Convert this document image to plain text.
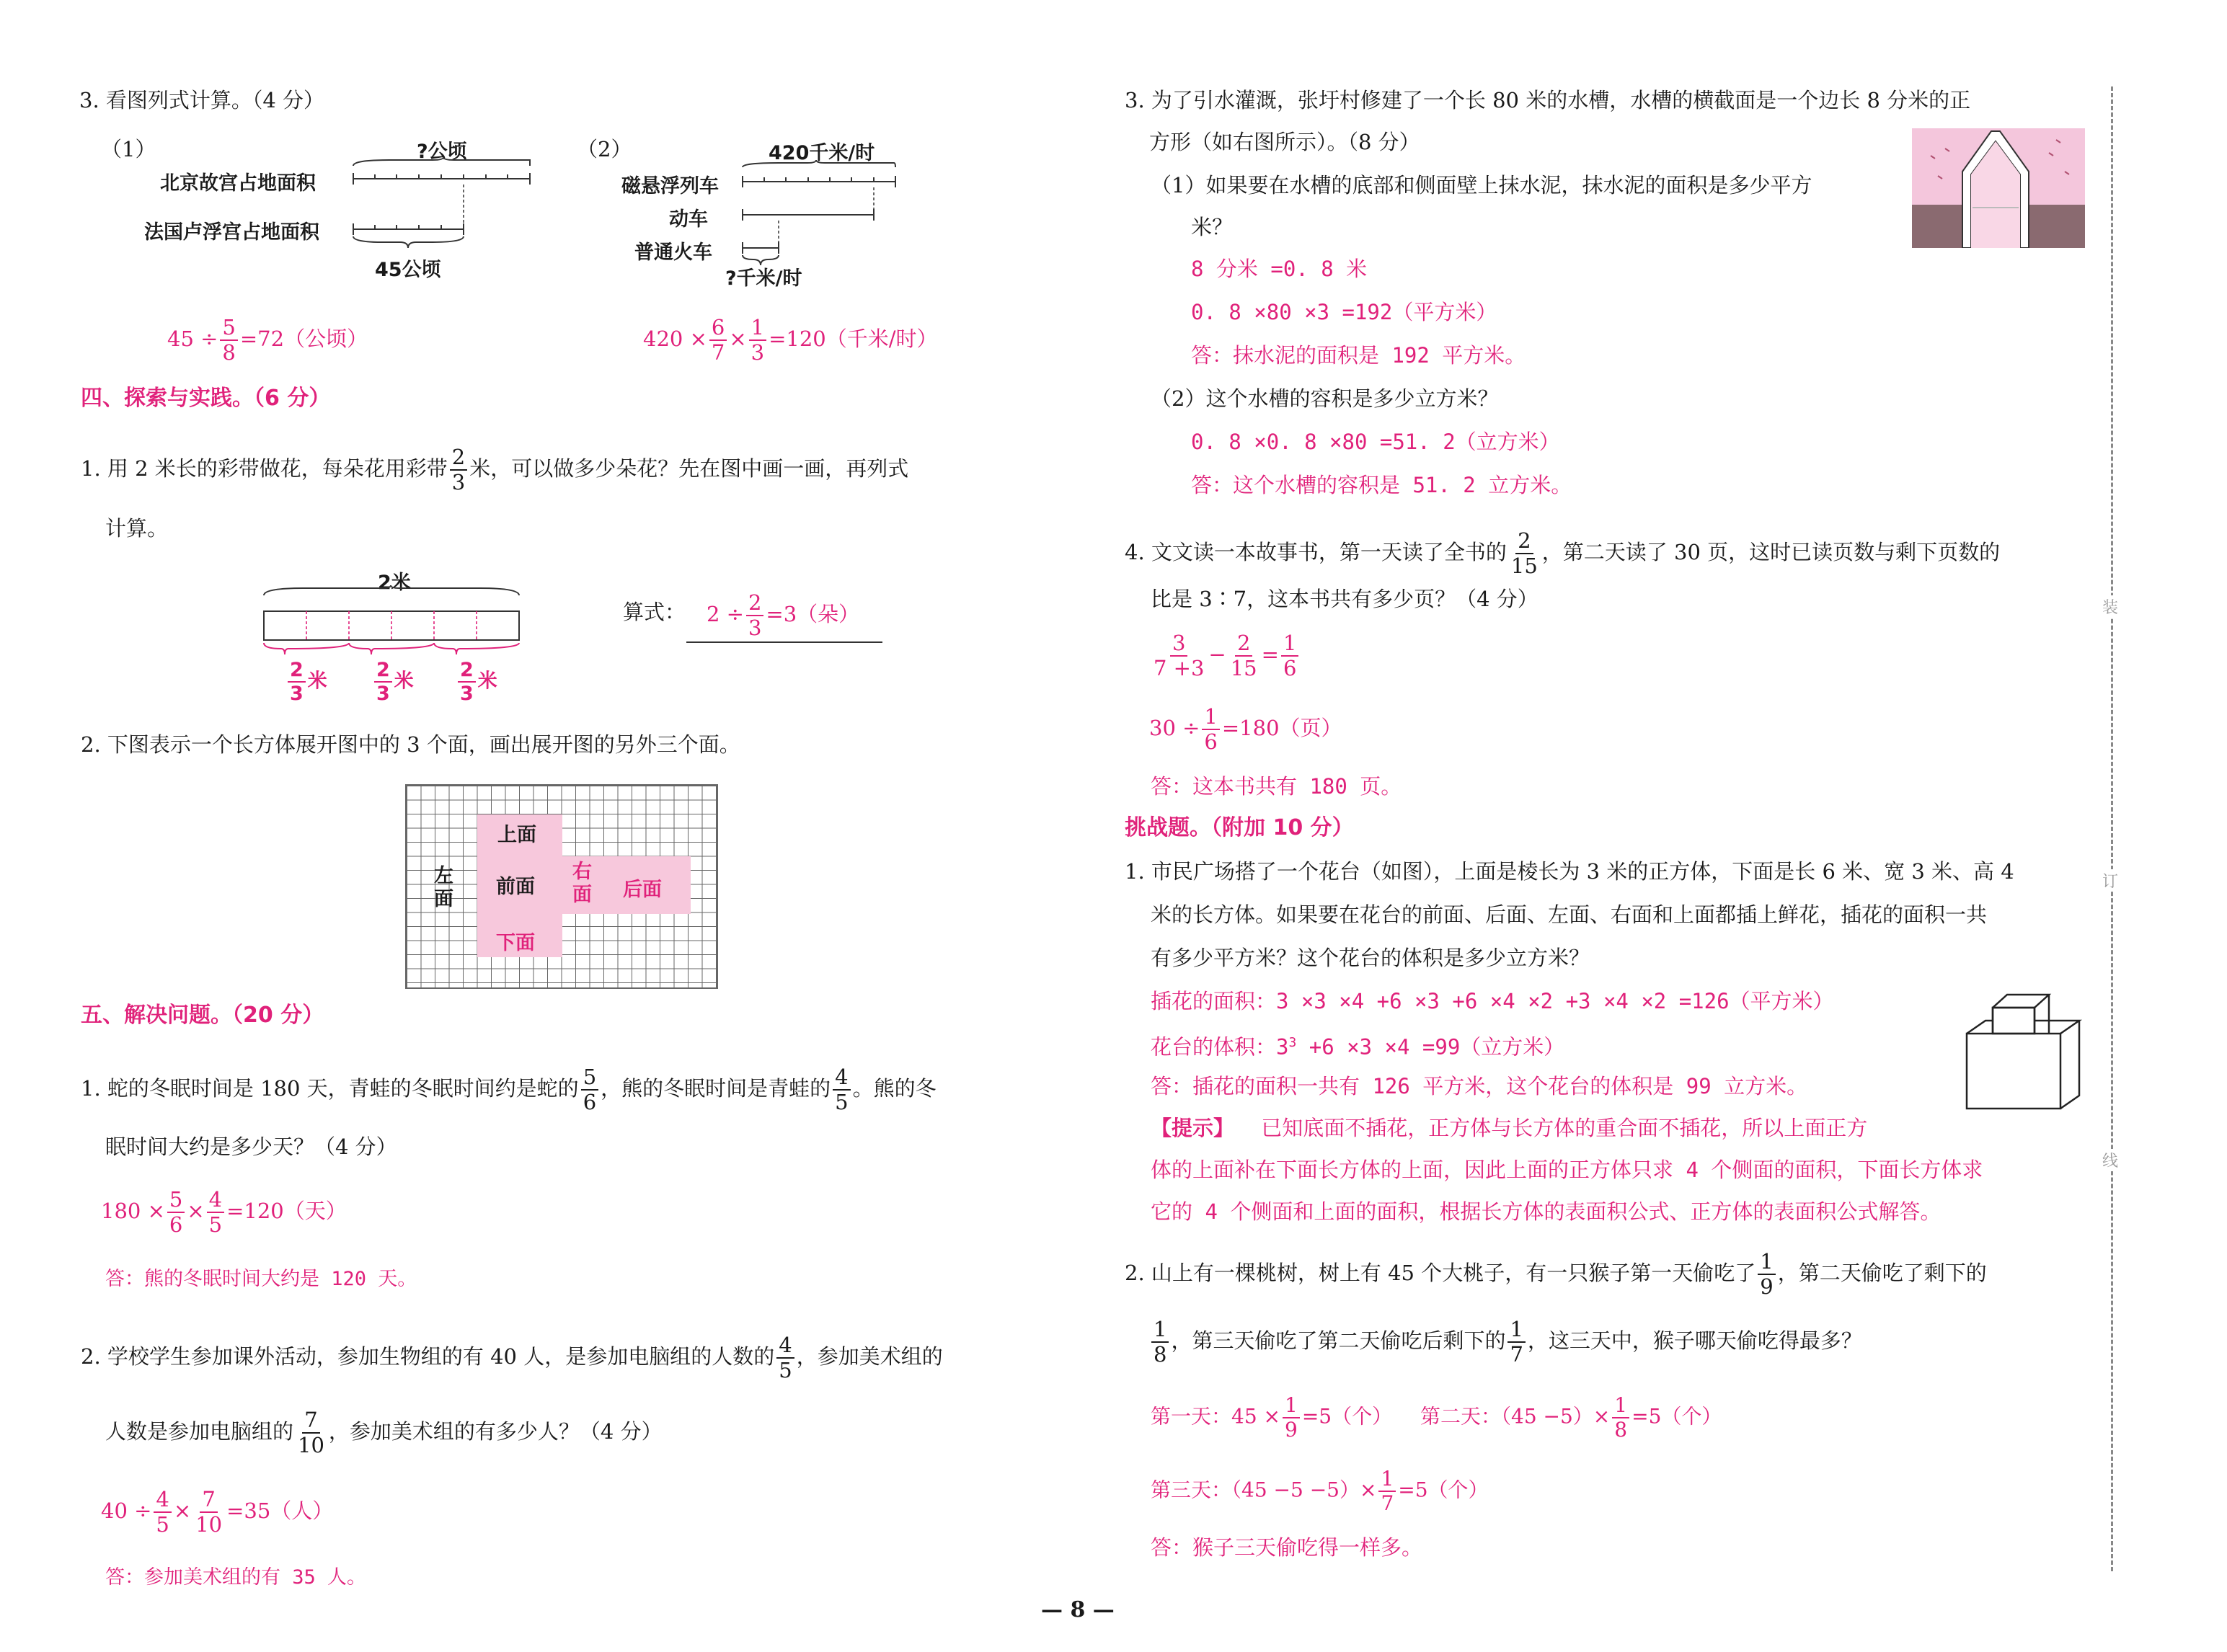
3. 看图列式计算。（4 分）
（1）	?公顷
北京故宫占地面积
法国卢浮宫占地面积
45公顷
$45 \div \frac{5}{8} =72$（公顷）
（2）	420千米/时
磁悬浮列车
动车
普通火车
?千米/时
$420 \times \frac{6}{7} \times \frac{1}{3} =120$（千米/时）
四、探索与实践。（6 分）
1. 用 2 米长的彩带做花，每朵花用彩带 $\frac{2}{3}$ 米，可以做多少朵花？先在图中画一画，再列式
计算。
2米
$\frac{2}{3}$ 米 $\frac{2}{3}$ 米 $\frac{2}{3}$ 米
算式： $2 \div \frac{2}{3} =3$（朵）
2. 下图表示一个长方体展开图中的 3 个面，画出展开图的另外三个面。
上面
左面
前面
右面 后面
下面
五、解决问题。（20 分）
1. 蛇的冬眠时间是 180 天，青蛙的冬眠时间约是蛇的 $\frac{5}{6}$ ，熊的冬眠时间是青蛙的 $\frac{4}{5}$ 。熊的冬
眠时间大约是多少天？（4 分）
$180 \times \frac{5}{6} \times \frac{4}{5} =120$（天）
答：熊的冬眠时间大约是 120 天。
2. 学校学生参加课外活动，参加生物组的有 40 人，是参加电脑组的人数的 $\frac{4}{5}$ ，参加美术组的
人数是参加电脑组的 $\frac{7}{10}$ ，参加美术组的有多少人？（4 分）
$40 \div \frac{4}{5} \times \frac{7}{10} =35$（人）
答：参加美术组的有 35 人。
3. 为了引水灌溉，张圩村修建了一个长 80 米的水槽，水槽的横截面是一个边长 8 分米的正
方形（如右图所示）。（8 分）
（1）如果要在水槽的底部和侧面壁上抹水泥，抹水泥的面积是多少平方
米？
8 分米 =0. 8 米
0. 8 ×80 ×3 =192（平方米）
答：抹水泥的面积是 192 平方米。
（2）这个水槽的容积是多少立方米？
0. 8 ×0. 8 ×80 =51. 2（立方米）
答：这个水槽的容积是 51. 2 立方米。
4. 文文读一本故事书，第一天读了全书的 $\frac{2}{15}$ ，第二天读了 30 页，这时已读页数与剩下页数的
比是 3∶7，这本书共有多少页？（4 分）
$\frac{3}{7 +3} - \frac{2}{15} = \frac{1}{6}$
$30 \div \frac{1}{6} =180$（页）
答：这本书共有 180 页。
挑战题。（附加 10 分）
1. 市民广场搭了一个花台（如图），上面是棱长为 3 米的正方体，下面是长 6 米、宽 3 米、高 4
米的长方体。如果要在花台的前面、后面、左面、右面和上面都插上鲜花，插花的面积一共
有多少平方米？这个花台的体积是多少立方米？
插花的面积：3 ×3 ×4 +6 ×3 +6 ×4 ×2 +3 ×4 ×2 =126（平方米）
花台的体积：$3^3 +6 \times 3 \times 4 =99$（立方米）
答：插花的面积一共有 126 平方米，这个花台的体积是 99 立方米。
【提示】 已知底面不插花，正方体与长方体的重合面不插花，所以上面正方
体的上面补在下面长方体的上面，因此上面的正方体只求 4 个侧面的面积，下面长方体求
它的 4 个侧面和上面的面积，根据长方体的表面积公式、正方体的表面积公式解答。
2. 山上有一棵桃树，树上有 45 个大桃子，有一只猴子第一天偷吃了 $\frac{1}{9}$ ，第二天偷吃了剩下的
$\frac{1}{8}$ ，第三天偷吃了第二天偷吃后剩下的 $\frac{1}{7}$ ，这三天中，猴子哪天偷吃得最多？
第一天：$45 \times \frac{1}{9} =5$（个） 第二天：$(45 -5)\times \frac{1}{8} =5$（个）
第三天：$(45 -5 -5)\times \frac{1}{7} =5$（个）
答：猴子三天偷吃得一样多。
装
订
线
— 8 —
